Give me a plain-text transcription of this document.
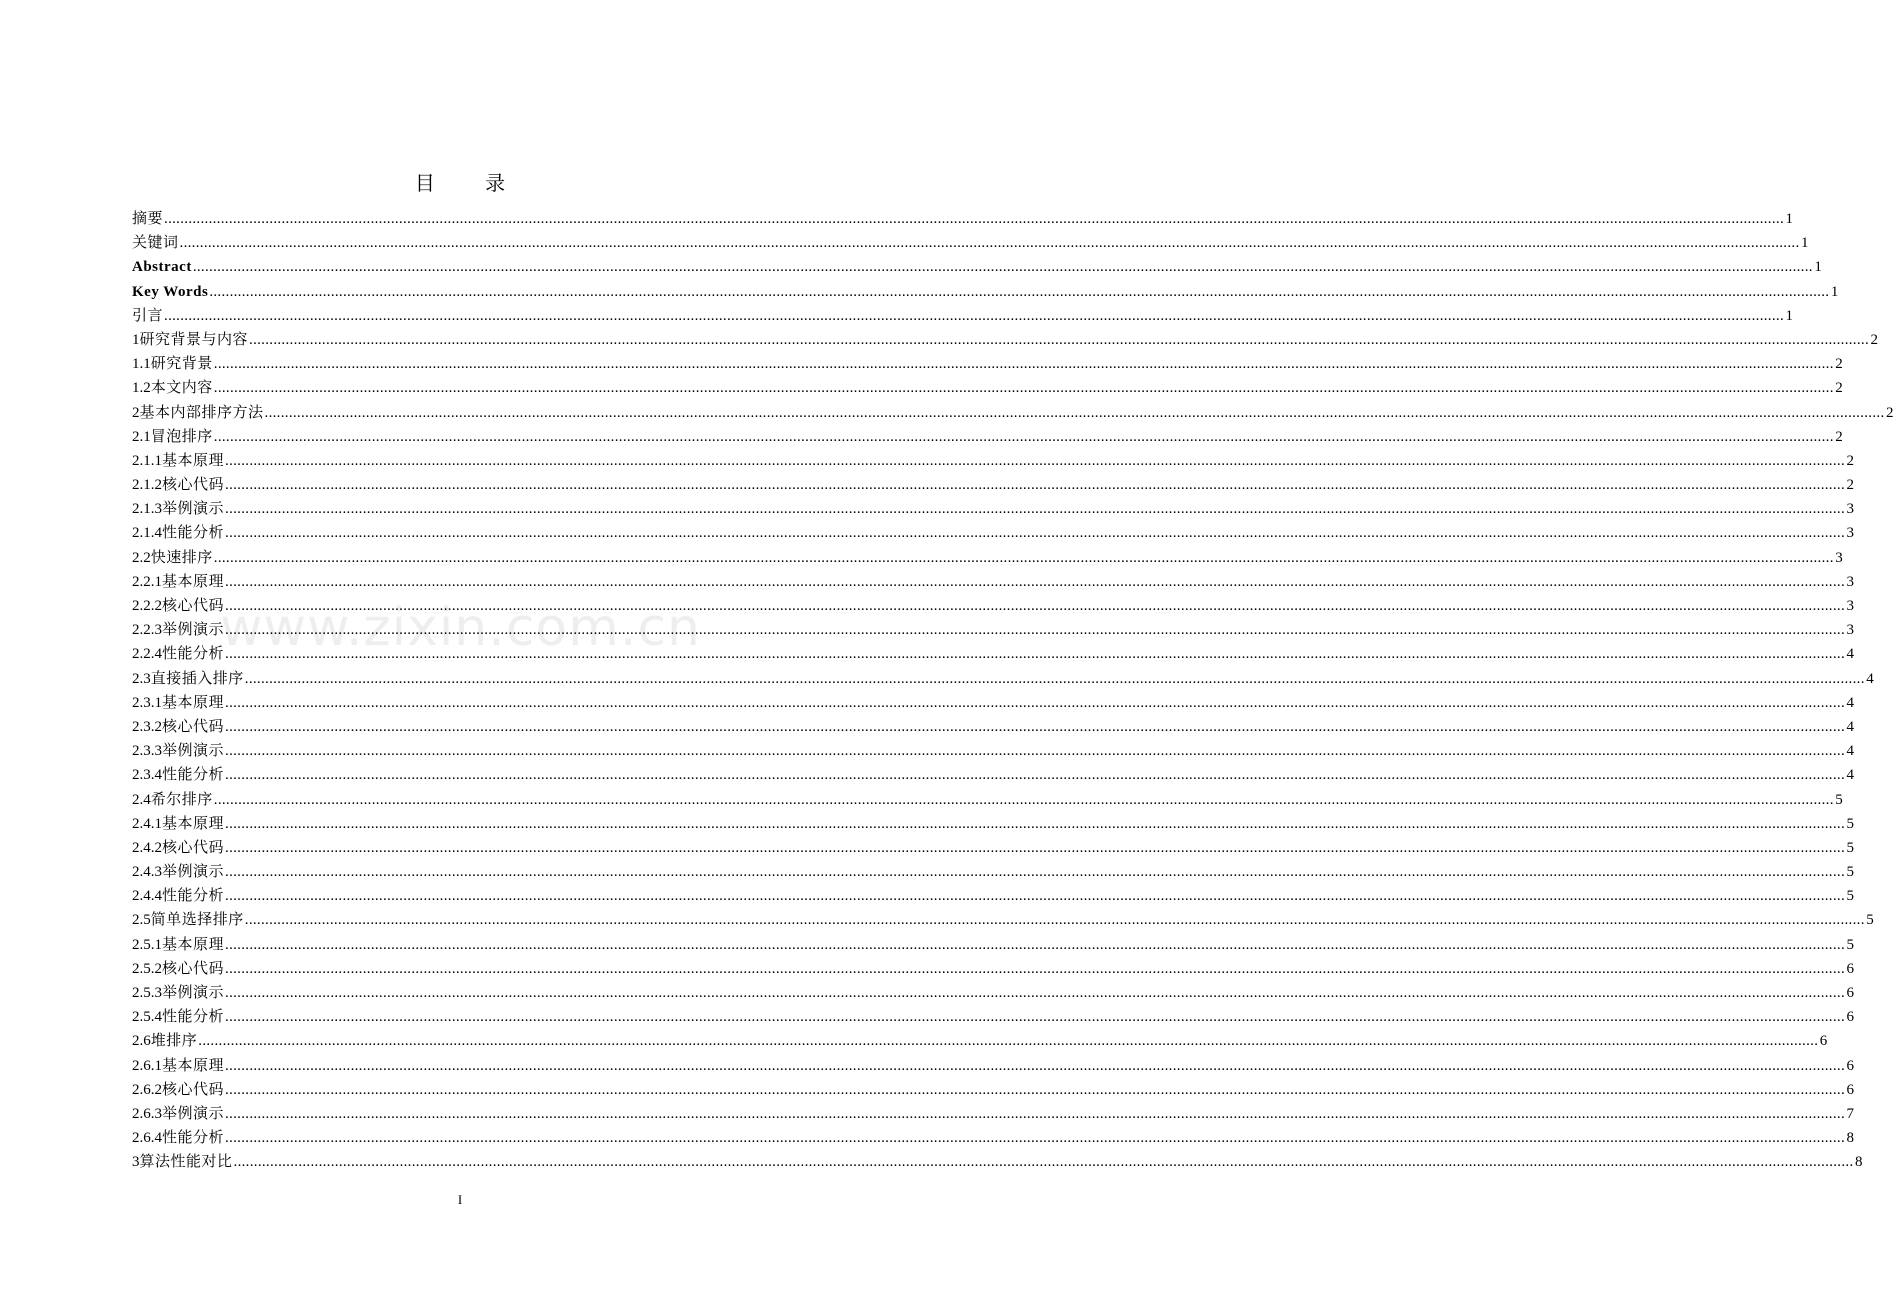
目 录
www.zixin.com.cn
摘要 ................................................................................................................................................................................................................................................................................................................................................................................................................ 1
关键词 ................................................................................................................................................................................................................................................................................................................................................................................................................ 1
Abstract ................................................................................................................................................................................................................................................................................................................................................................................................................ 1
Key Words ................................................................................................................................................................................................................................................................................................................................................................................................................ 1
引言 ................................................................................................................................................................................................................................................................................................................................................................................................................ 1
1 研究背景与内容 ................................................................................................................................................................................................................................................................................................................................................................................................................ 2
1.1 研究背景 ................................................................................................................................................................................................................................................................................................................................................................................................................ 2
1.2 本文内容 ................................................................................................................................................................................................................................................................................................................................................................................................................ 2
2 基本内部排序方法 ................................................................................................................................................................................................................................................................................................................................................................................................................ 2
2.1 冒泡排序 ................................................................................................................................................................................................................................................................................................................................................................................................................ 2
2.1.1 基本原理 ................................................................................................................................................................................................................................................................................................................................................................................................................ 2
2.1.2 核心代码 ................................................................................................................................................................................................................................................................................................................................................................................................................ 2
2.1.3 举例演示 ................................................................................................................................................................................................................................................................................................................................................................................................................ 3
2.1.4 性能分析 ................................................................................................................................................................................................................................................................................................................................................................................................................ 3
2.2 快速排序 ................................................................................................................................................................................................................................................................................................................................................................................................................ 3
2.2.1 基本原理 ................................................................................................................................................................................................................................................................................................................................................................................................................ 3
2.2.2 核心代码 ................................................................................................................................................................................................................................................................................................................................................................................................................ 3
2.2.3 举例演示 ................................................................................................................................................................................................................................................................................................................................................................................................................ 3
2.2.4 性能分析 ................................................................................................................................................................................................................................................................................................................................................................................................................ 4
2.3 直接插入排序 ................................................................................................................................................................................................................................................................................................................................................................................................................ 4
2.3.1 基本原理 ................................................................................................................................................................................................................................................................................................................................................................................................................ 4
2.3.2 核心代码 ................................................................................................................................................................................................................................................................................................................................................................................................................ 4
2.3.3 举例演示 ................................................................................................................................................................................................................................................................................................................................................................................................................ 4
2.3.4 性能分析 ................................................................................................................................................................................................................................................................................................................................................................................................................ 4
2.4 希尔排序 ................................................................................................................................................................................................................................................................................................................................................................................................................ 5
2.4.1 基本原理 ................................................................................................................................................................................................................................................................................................................................................................................................................ 5
2.4.2 核心代码 ................................................................................................................................................................................................................................................................................................................................................................................................................ 5
2.4.3 举例演示 ................................................................................................................................................................................................................................................................................................................................................................................................................ 5
2.4.4 性能分析 ................................................................................................................................................................................................................................................................................................................................................................................................................ 5
2.5 简单选择排序 ................................................................................................................................................................................................................................................................................................................................................................................................................ 5
2.5.1 基本原理 ................................................................................................................................................................................................................................................................................................................................................................................................................ 5
2.5.2 核心代码 ................................................................................................................................................................................................................................................................................................................................................................................................................ 6
2.5.3 举例演示 ................................................................................................................................................................................................................................................................................................................................................................................................................ 6
2.5.4 性能分析 ................................................................................................................................................................................................................................................................................................................................................................................................................ 6
2.6 堆排序 ................................................................................................................................................................................................................................................................................................................................................................................................................ 6
2.6.1 基本原理 ................................................................................................................................................................................................................................................................................................................................................................................................................ 6
2.6.2 核心代码 ................................................................................................................................................................................................................................................................................................................................................................................................................ 6
2.6.3 举例演示 ................................................................................................................................................................................................................................................................................................................................................................................................................ 7
2.6.4 性能分析 ................................................................................................................................................................................................................................................................................................................................................................................................................ 8
3 算法性能对比 ................................................................................................................................................................................................................................................................................................................................................................................................................ 8
I
